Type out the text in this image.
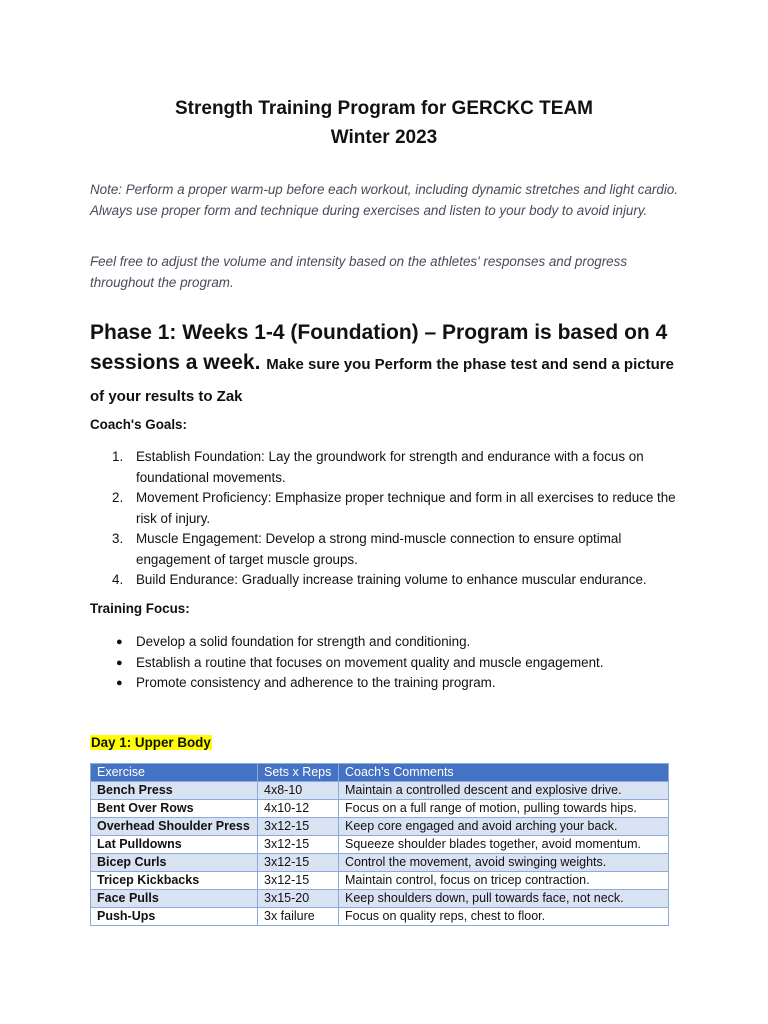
Strength Training Program for GERCKC TEAM
Winter 2023

Note: Perform a proper warm-up before each workout, including dynamic stretches and light cardio. Always use proper form and technique during exercises and listen to your body to avoid injury.

Feel free to adjust the volume and intensity based on the athletes' responses and progress throughout the program.

Phase 1: Weeks 1-4 (Foundation) – Program is based on 4 sessions a week. Make sure you Perform the phase test and send a picture of your results to Zak
Coach's Goals:
1. Establish Foundation: Lay the groundwork for strength and endurance with a focus on foundational movements.
2. Movement Proficiency: Emphasize proper technique and form in all exercises to reduce the risk of injury.
3. Muscle Engagement: Develop a strong mind-muscle connection to ensure optimal engagement of target muscle groups.
4. Build Endurance: Gradually increase training volume to enhance muscular endurance.
Training Focus:
● Develop a solid foundation for strength and conditioning.
● Establish a routine that focuses on movement quality and muscle engagement.
● Promote consistency and adherence to the training program.
Day 1: Upper Body
Exercise	Sets x Reps	Coach's Comments
Bench Press	4x8-10	Maintain a controlled descent and explosive drive.
Bent Over Rows	4x10-12	Focus on a full range of motion, pulling towards hips.
Overhead Shoulder Press	3x12-15	Keep core engaged and avoid arching your back.
Lat Pulldowns	3x12-15	Squeeze shoulder blades together, avoid momentum.
Bicep Curls	3x12-15	Control the movement, avoid swinging weights.
Tricep Kickbacks	3x12-15	Maintain control, focus on tricep contraction.
Face Pulls	3x15-20	Keep shoulders down, pull towards face, not neck.
Push-Ups	3x failure	Focus on quality reps, chest to floor.
